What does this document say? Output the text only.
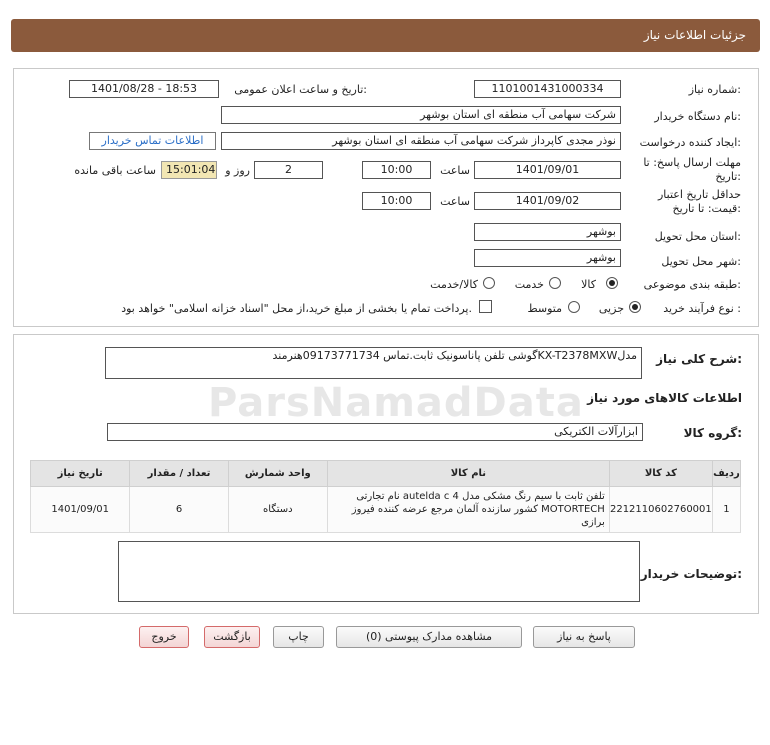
جزئیات اطلاعات نیاز
شماره نیاز:
1101001431000334
تاریخ و ساعت اعلان عمومی:
1401/08/28 - 18:53
نام دستگاه خریدار:
شرکت سهامی آب منطقه ای استان بوشهر
ایجاد کننده درخواست:
نوذر مجدی کاپرداز شرکت سهامی آب منطقه ای استان بوشهر
اطلاعات تماس خریدار
مهلت ارسال پاسخ: تا
تاریخ:
1401/09/01
ساعت
10:00
روز و	2
15:01:04
ساعت باقی مانده
حداقل تاریخ اعتبار
قیمت: تا تاریخ:
1401/09/02
ساعت
10:00
استان محل تحویل:
بوشهر
شهر محل تحویل:
بوشهر
طبقه بندی موضوعی:
کالا
خدمت
کالا/خدمت
نوع فرآیند خرید :
جزیی
متوسط
پرداخت تمام یا بخشی از مبلغ خرید،از محل "اسناد خزانه اسلامی" خواهد بود.
شرح کلی نیاز:
گوشی تلفن پاناسونیک ثابت.تماس 09173771734هنرمندKX-T2378MXWمدل
اطلاعات کالاهای مورد نیاز
گروه کالا:
ابزارآلات الکتریکی
ردیف	کد کالا	نام کالا	واحد شمارش	تعداد / مقدار	تاریخ نیاز
1	2212110602760001	تلفن ثابت با سیم رنگ مشکی مدل autelda c 4 نام تجارتی MOTORTECH کشور سازنده آلمان مرجع عرضه کننده فیروز برازی	دستگاه	6	1401/09/01
توضیحات خریدار:
پاسخ به نیاز
مشاهده مدارک پیوستی (0)
چاپ
بازگشت
خروج
